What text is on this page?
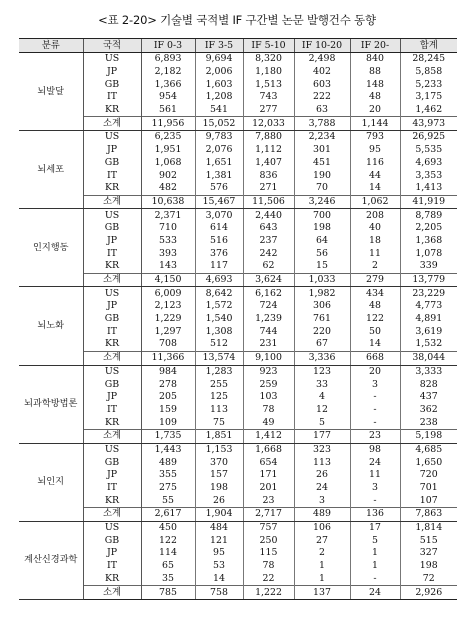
<표 2-20> 기술별 국적별 IF 구간별 논문 발행건수 동향
분류	국적	IF 0-3	IF 3-5	IF 5-10	IF 10-20	IF 20-	합계
뇌발달	US	6,893	9,694	8,320	2,498	840	28,245
	JP	2,182	2,006	1,180	402	88	5,858
	GB	1,366	1,603	1,513	603	148	5,233
	IT	954	1,208	743	222	48	3,175
	KR	561	541	277	63	20	1,462
	소계	11,956	15,052	12,033	3,788	1,144	43,973
뇌세포	US	6,235	9,783	7,880	2,234	793	26,925
	JP	1,951	2,076	1,112	301	95	5,535
	GB	1,068	1,651	1,407	451	116	4,693
	IT	902	1,381	836	190	44	3,353
	KR	482	576	271	70	14	1,413
	소계	10,638	15,467	11,506	3,246	1,062	41,919
인지행동	US	2,371	3,070	2,440	700	208	8,789
	GB	710	614	643	198	40	2,205
	JP	533	516	237	64	18	1,368
	IT	393	376	242	56	11	1,078
	KR	143	117	62	15	2	339
	소계	4,150	4,693	3,624	1,033	279	13,779
뇌노화	US	6,009	8,642	6,162	1,982	434	23,229
	JP	2,123	1,572	724	306	48	4,773
	GB	1,229	1,540	1,239	761	122	4,891
	IT	1,297	1,308	744	220	50	3,619
	KR	708	512	231	67	14	1,532
	소계	11,366	13,574	9,100	3,336	668	38,044
뇌과학방법론	US	984	1,283	923	123	20	3,333
	GB	278	255	259	33	3	828
	JP	205	125	103	4	-	437
	IT	159	113	78	12	-	362
	KR	109	75	49	5	-	238
	소계	1,735	1,851	1,412	177	23	5,198
뇌인지	US	1,443	1,153	1,668	323	98	4,685
	GB	489	370	654	113	24	1,650
	JP	355	157	171	26	11	720
	IT	275	198	201	24	3	701
	KR	55	26	23	3	-	107
	소계	2,617	1,904	2,717	489	136	7,863
계산신경과학	US	450	484	757	106	17	1,814
	GB	122	121	250	27	5	515
	JP	114	95	115	2	1	327
	IT	65	53	78	1	1	198
	KR	35	14	22	1	-	72
	소계	785	758	1,222	137	24	2,926
